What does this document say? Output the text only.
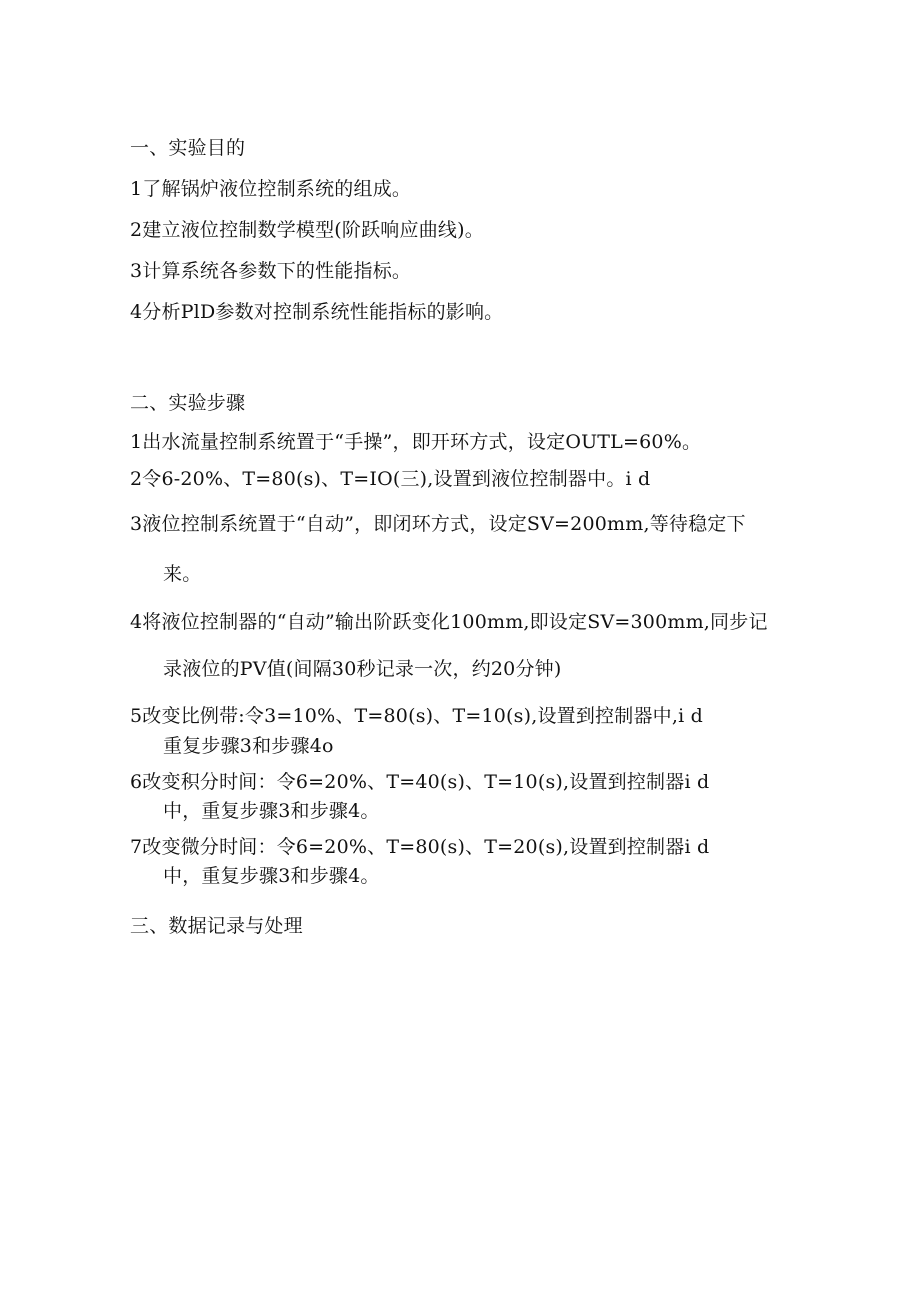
一、实验目的
1了解锅炉液位控制系统的组成。
2建立液位控制数学模型(阶跃响应曲线)。
3计算系统各参数下的性能指标。
4分析PlD参数对控制系统性能指标的影响。
二、实验步骤
1出水流量控制系统置于“手操”，即开环方式，设定OUTL=60%。
2令6-20%、T=80(s)、T=IO(三),设置到液位控制器中。i d
3液位控制系统置于“自动”，即闭环方式，设定SV=200mm,等待稳定下
来。
4将液位控制器的“自动”输出阶跃变化100mm,即设定SV=300mm,同步记
录液位的PV值(间隔30秒记录一次，约20分钟)
5改变比例带:令3=10%、T=80(s)、T=10(s),设置到控制器中,i d
重复步骤3和步骤4o
6改变积分时间：令6=20%、T=40(s)、T=10(s),设置到控制器i d
中，重复步骤3和步骤4。
7改变微分时间：令6=20%、T=80(s)、T=20(s),设置到控制器i d
中，重复步骤3和步骤4。
三、数据记录与处理
